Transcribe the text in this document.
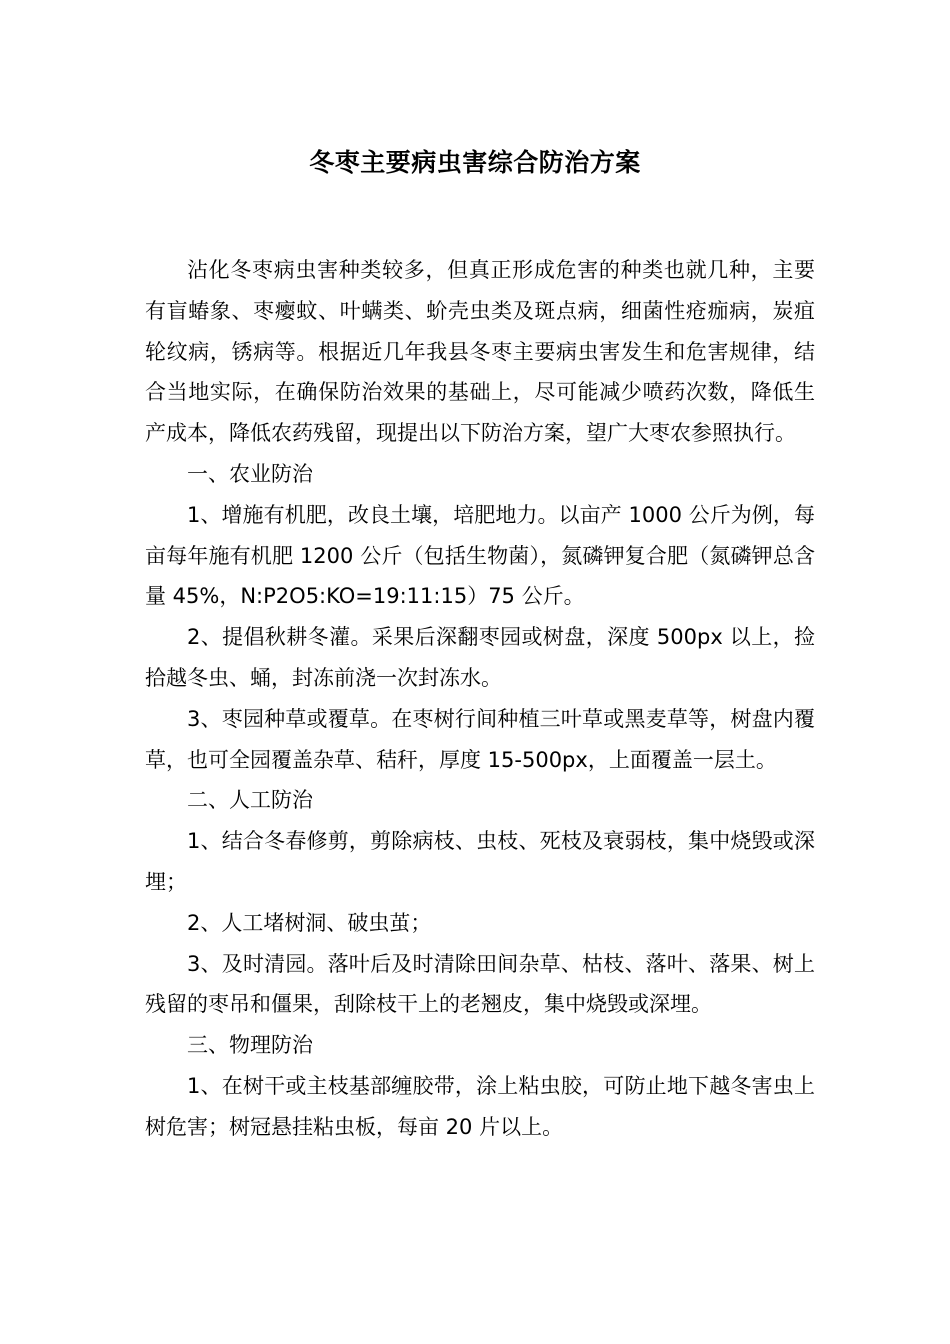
冬枣主要病虫害综合防治方案

沾化冬枣病虫害种类较多，但真正形成危害的种类也就几种，主要有盲蝽象、枣瘿蚊、叶螨类、蚧壳虫类及斑点病，细菌性疮痂病，炭疽轮纹病，锈病等。根据近几年我县冬枣主要病虫害发生和危害规律，结合当地实际，在确保防治效果的基础上，尽可能减少喷药次数，降低生产成本，降低农药残留，现提出以下防治方案，望广大枣农参照执行。

一、农业防治

1、增施有机肥，改良土壤，培肥地力。以亩产 1000 公斤为例，每亩每年施有机肥 1200 公斤（包括生物菌），氮磷钾复合肥（氮磷钾总含量 45%，N:P2O5:KO=19:11:15）75 公斤。

2、提倡秋耕冬灌。采果后深翻枣园或树盘，深度 500px 以上，捡拾越冬虫、蛹，封冻前浇一次封冻水。

3、枣园种草或覆草。在枣树行间种植三叶草或黑麦草等，树盘内覆草，也可全园覆盖杂草、秸秆，厚度 15-500px，上面覆盖一层土。

二、人工防治

1、结合冬春修剪，剪除病枝、虫枝、死枝及衰弱枝，集中烧毁或深埋；

2、人工堵树洞、破虫茧；

3、及时清园。落叶后及时清除田间杂草、枯枝、落叶、落果、树上残留的枣吊和僵果，刮除枝干上的老翘皮，集中烧毁或深埋。

三、物理防治

1、在树干或主枝基部缠胶带，涂上粘虫胶，可防止地下越冬害虫上树危害；树冠悬挂粘虫板，每亩 20 片以上。
